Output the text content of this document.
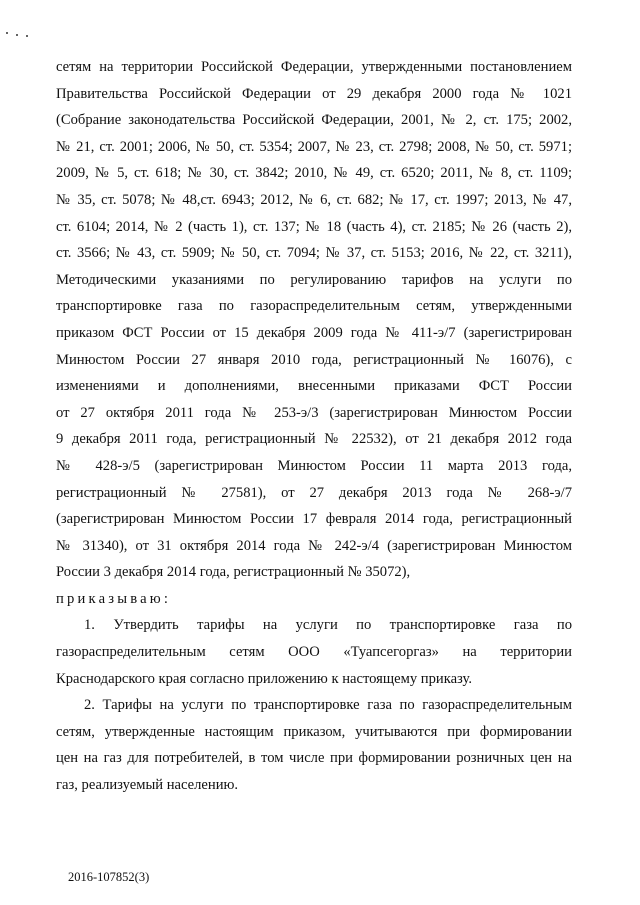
сетям на территории Российской Федерации, утвержденными постановлением
Правительства Российской Федерации от 29 декабря 2000 года № 1021
(Собрание законодательства Российской Федерации, 2001, № 2, ст. 175; 2002,
№ 21, ст. 2001; 2006, № 50, ст. 5354; 2007, № 23, ст. 2798; 2008, № 50, ст. 5971;
2009, № 5, ст. 618; № 30, ст. 3842; 2010, № 49, ст. 6520; 2011, № 8, ст. 1109;
№ 35, ст. 5078; № 48,ст. 6943; 2012, № 6, ст. 682; № 17, ст. 1997; 2013, № 47,
ст. 6104; 2014, № 2 (часть 1), ст. 137; № 18 (часть 4), ст. 2185; № 26 (часть 2),
ст. 3566; № 43, ст. 5909; № 50, ст. 7094; № 37, ст. 5153; 2016, № 22, ст. 3211),
Методическими указаниями по регулированию тарифов на услуги по
транспортировке газа по газораспределительным сетям, утвержденными
приказом ФСТ России от 15 декабря 2009 года № 411-э/7 (зарегистрирован
Минюстом России 27 января 2010 года, регистрационный № 16076), с
изменениями и дополнениями, внесенными приказами ФСТ России
от 27 октября 2011 года № 253-э/3 (зарегистрирован Минюстом России
9 декабря 2011 года, регистрационный № 22532), от 21 декабря 2012 года
№ 428-э/5 (зарегистрирован Минюстом России 11 марта 2013 года,
регистрационный № 27581), от 27 декабря 2013 года № 268-э/7
(зарегистрирован Минюстом России 17 февраля 2014 года, регистрационный
№ 31340), от 31 октября 2014 года № 242-э/4 (зарегистрирован Минюстом
России 3 декабря 2014 года, регистрационный № 35072),
приказываю:
1. Утвердить тарифы на услуги по транспортировке газа по
газораспределительным сетям ООО «Туапсегоргаз» на территории
Краснодарского края согласно приложению к настоящему приказу.
2. Тарифы на услуги по транспортировке газа по газораспределительным
сетям, утвержденные настоящим приказом, учитываются при формировании
цен на газ для потребителей, в том числе при формировании розничных цен на
газ, реализуемый населению.
2016-107852(3)
